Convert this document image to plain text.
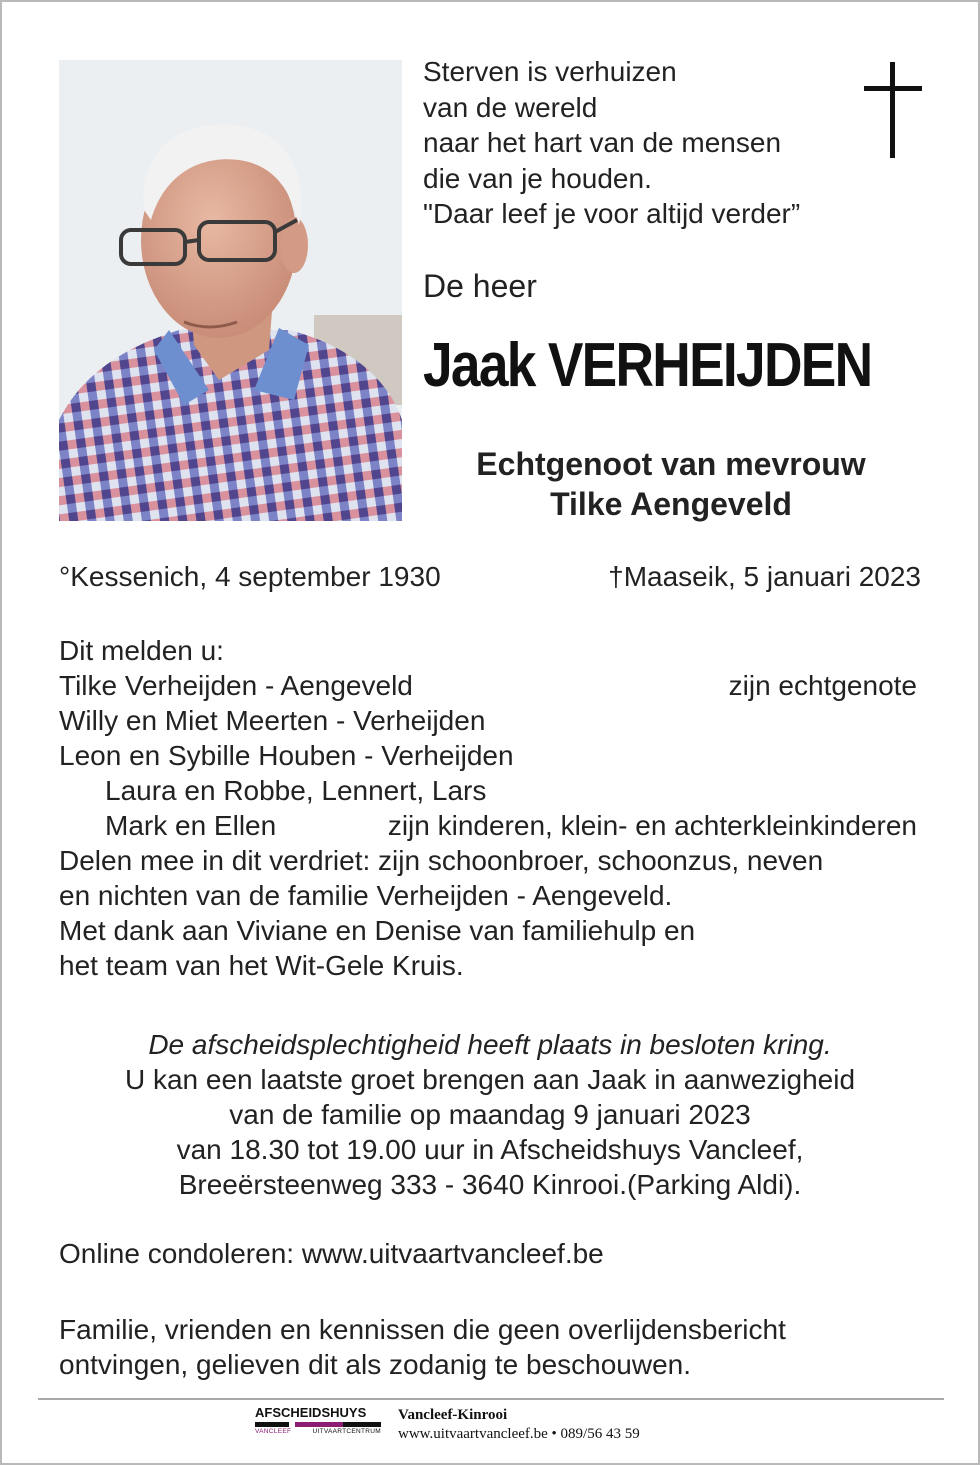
Sterven is verhuizen
van de wereld
naar het hart van de mensen
die van je houden.
"Daar leef je voor altijd verder”
De heer
Jaak VERHEIJDEN
Echtgenoot van mevrouw
Tilke Aengeveld
°Kessenich, 4 september 1930	†Maaseik, 5 januari 2023
Dit melden u:
Tilke Verheijden - Aengeveld	zijn echtgenote
Willy en Miet Meerten - Verheijden
Leon en Sybille Houben - Verheijden
Laura en Robbe, Lennert, Lars
Mark en Ellen	zijn kinderen, klein- en achterkleinkinderen
Delen mee in dit verdriet: zijn schoonbroer, schoonzus, neven
en nichten van de familie Verheijden - Aengeveld.
Met dank aan Viviane en Denise van familiehulp en
het team van het Wit-Gele Kruis.
De afscheidsplechtigheid heeft plaats in besloten kring.
U kan een laatste groet brengen aan Jaak in aanwezigheid
van de familie op maandag 9 januari 2023
van 18.30 tot 19.00 uur in Afscheidshuys Vancleef,
Breeërsteenweg 333 - 3640 Kinrooi.(Parking Aldi).
Online condoleren: www.uitvaartvancleef.be
Familie, vrienden en kennissen die geen overlijdensbericht
ontvingen, gelieven dit als zodanig te beschouwen.
AFSCHEIDSHUYS
VANCLEEF	UITVAARTCENTRUM
Vancleef-Kinrooi
www.uitvaartvancleef.be • 089/56 43 59
